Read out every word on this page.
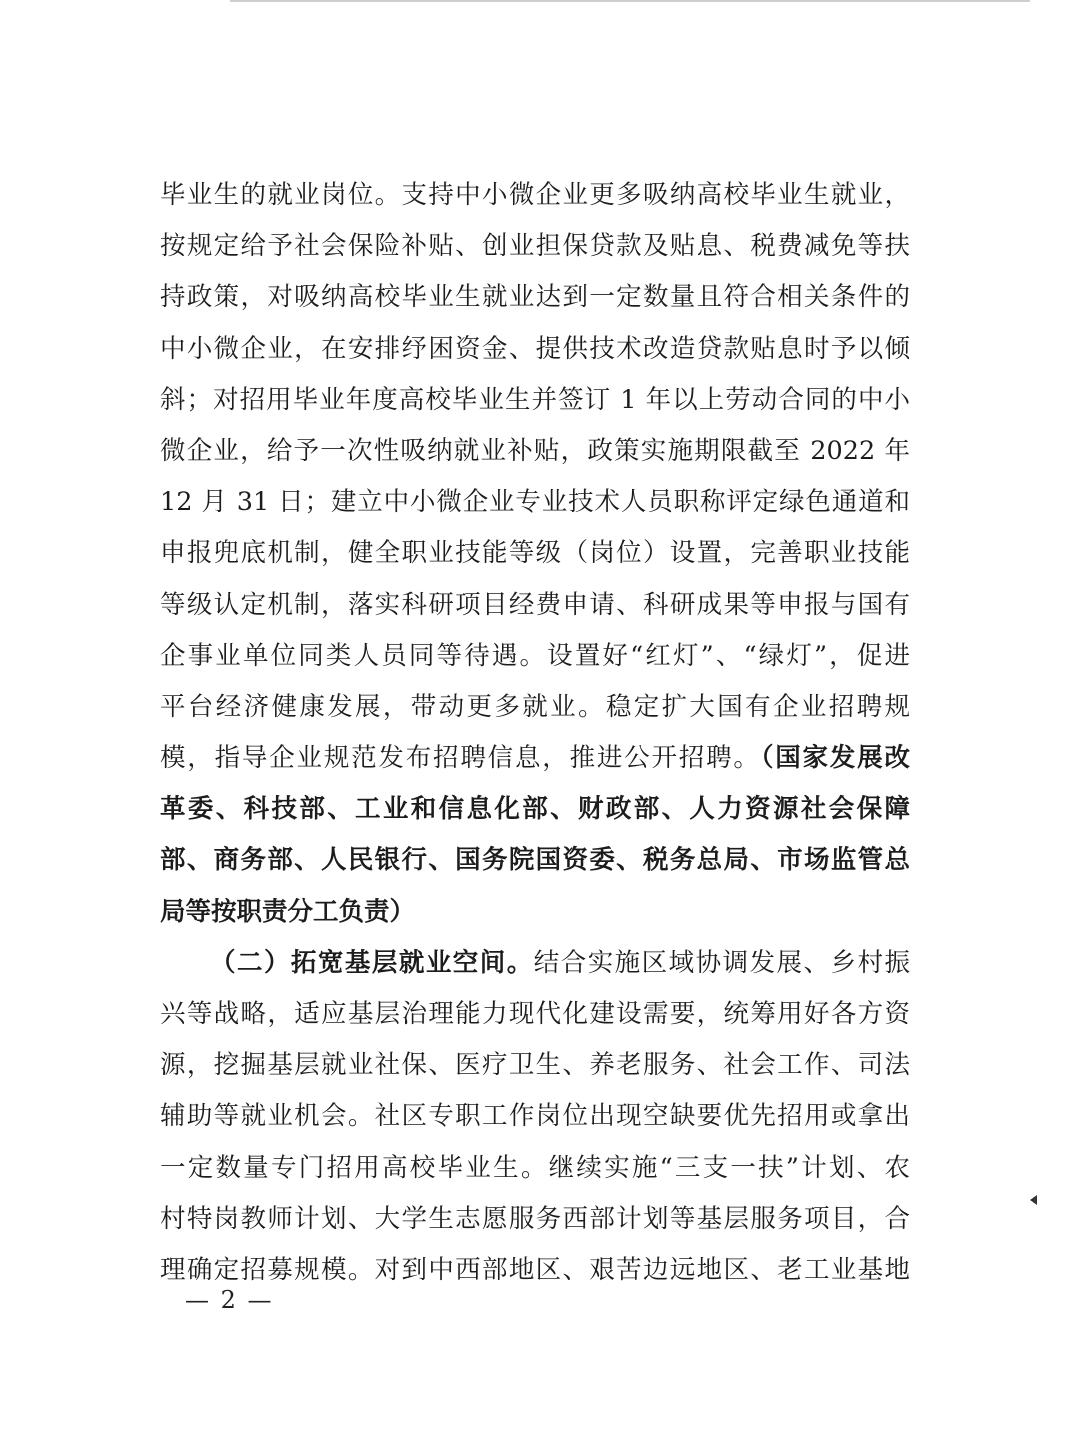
毕业生的就业岗位。支持中小微企业更多吸纳高校毕业生就业，
按规定给予社会保险补贴、创业担保贷款及贴息、税费减免等扶
持政策，对吸纳高校毕业生就业达到一定数量且符合相关条件的
中小微企业，在安排纾困资金、提供技术改造贷款贴息时予以倾
斜；对招用毕业年度高校毕业生并签订 1 年以上劳动合同的中小
微企业，给予一次性吸纳就业补贴，政策实施期限截至 2022 年
12 月 31 日；建立中小微企业专业技术人员职称评定绿色通道和
申报兜底机制，健全职业技能等级（岗位）设置，完善职业技能
等级认定机制，落实科研项目经费申请、科研成果等申报与国有
企事业单位同类人员同等待遇。设置好“红灯”、“绿灯”，促进
平台经济健康发展，带动更多就业。稳定扩大国有企业招聘规
模，指导企业规范发布招聘信息，推进公开招聘。（国家发展改
革委、科技部、工业和信息化部、财政部、人力资源社会保障
部、商务部、人民银行、国务院国资委、税务总局、市场监管总
局等按职责分工负责）
（二）拓宽基层就业空间。结合实施区域协调发展、乡村振
兴等战略，适应基层治理能力现代化建设需要，统筹用好各方资
源，挖掘基层就业社保、医疗卫生、养老服务、社会工作、司法
辅助等就业机会。社区专职工作岗位出现空缺要优先招用或拿出
一定数量专门招用高校毕业生。继续实施“三支一扶”计划、农
村特岗教师计划、大学生志愿服务西部计划等基层服务项目，合
理确定招募规模。对到中西部地区、艰苦边远地区、老工业基地
— 2 —
